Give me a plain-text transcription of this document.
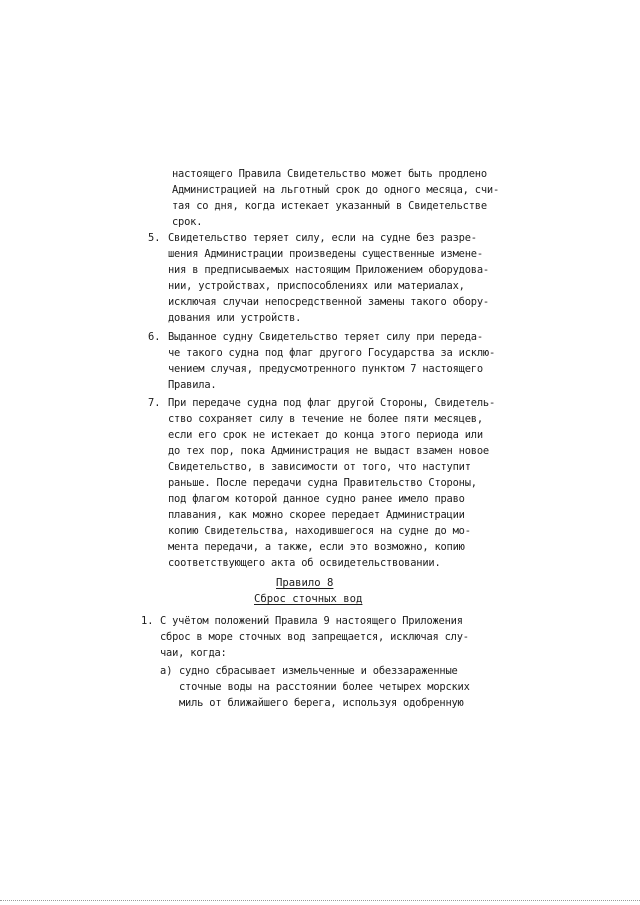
настоящего Правила Свидетельство может быть продлено
Администрацией на льготный срок до одного месяца, счи-
тая со дня, когда истекает указанный в Свидетельстве
срок.
5. Свидетельство теряет силу, если на судне без разре-
шения Администрации произведены существенные измене-
ния в предписываемых настоящим Приложением оборудова-
нии, устройствах, приспособлениях или материалах,
исключая случаи непосредственной замены такого обору-
дования или устройств.
6. Выданное судну Свидетельство теряет силу при переда-
че такого судна под флаг другого Государства за исклю-
чением случая, предусмотренного пунктом 7 настоящего
Правила.
7. При передаче судна под флаг другой Стороны, Свидетель-
ство сохраняет силу в течение не более пяти месяцев,
если его срок не истекает до конца этого периода или
до тех пор, пока Администрация не выдаст взамен новое
Свидетельство, в зависимости от того, что наступит
раньше. После передачи судна Правительство Стороны,
под флагом которой данное судно ранее имело право
плавания, как можно скорее передает Администрации
копию Свидетельства, находившегося на судне до мо-
мента передачи, а также, если это возможно, копию
соответствующего акта об освидетельствовании.
Правило 8
Сброс сточных вод
1. С учётом положений Правила 9 настоящего Приложения
сброс в море сточных вод запрещается, исключая слу-
чаи, когда:
a) судно сбрасывает измельченные и обеззараженные
сточные воды на расстоянии более четырех морских
миль от ближайшего берега, используя одобренную
